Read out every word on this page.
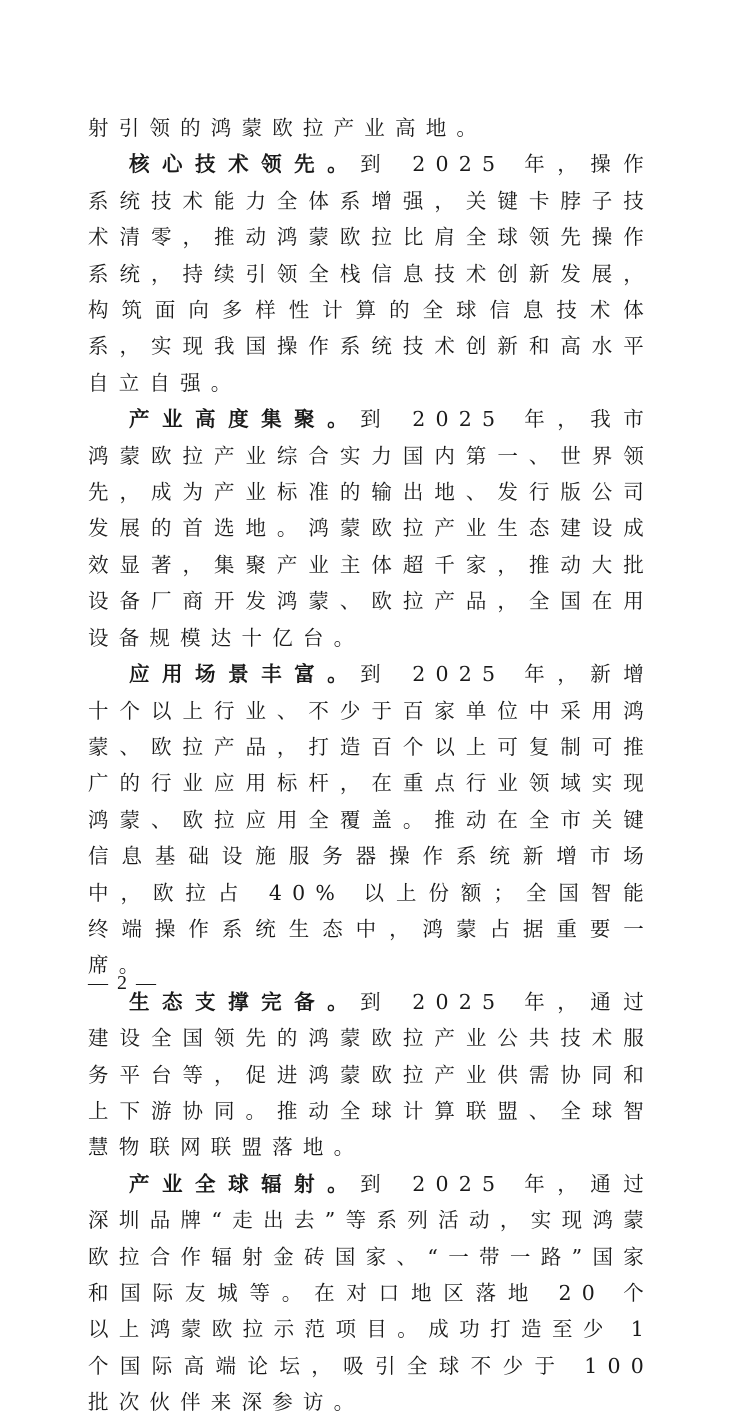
射引领的鸿蒙欧拉产业高地。

核心技术领先。到 2025 年，操作系统技术能力全体系增强，关键卡脖子技术清零，推动鸿蒙欧拉比肩全球领先操作系统，持续引领全栈信息技术创新发展，构筑面向多样性计算的全球信息技术体系，实现我国操作系统技术创新和高水平自立自强。

产业高度集聚。到 2025 年，我市鸿蒙欧拉产业综合实力国内第一、世界领先，成为产业标准的输出地、发行版公司发展的首选地。鸿蒙欧拉产业生态建设成效显著，集聚产业主体超千家，推动大批设备厂商开发鸿蒙、欧拉产品，全国在用设备规模达十亿台。

应用场景丰富。到 2025 年，新增十个以上行业、不少于百家单位中采用鸿蒙、欧拉产品，打造百个以上可复制可推广的行业应用标杆，在重点行业领域实现鸿蒙、欧拉应用全覆盖。推动在全市关键信息基础设施服务器操作系统新增市场中，欧拉占 40% 以上份额；全国智能终端操作系统生态中，鸿蒙占据重要一席。

生态支撑完备。到 2025 年，通过建设全国领先的鸿蒙欧拉产业公共技术服务平台等，促进鸿蒙欧拉产业供需协同和上下游协同。推动全球计算联盟、全球智慧物联网联盟落地。

产业全球辐射。到 2025 年，通过深圳品牌“走出去”等系列活动，实现鸿蒙欧拉合作辐射金砖国家、“一带一路”国家和国际友城等。在对口地区落地 20 个以上鸿蒙欧拉示范项目。成功打造至少 1 个国际高端论坛，吸引全球不少于 100 批次伙伴来深参访。

— 2 —
